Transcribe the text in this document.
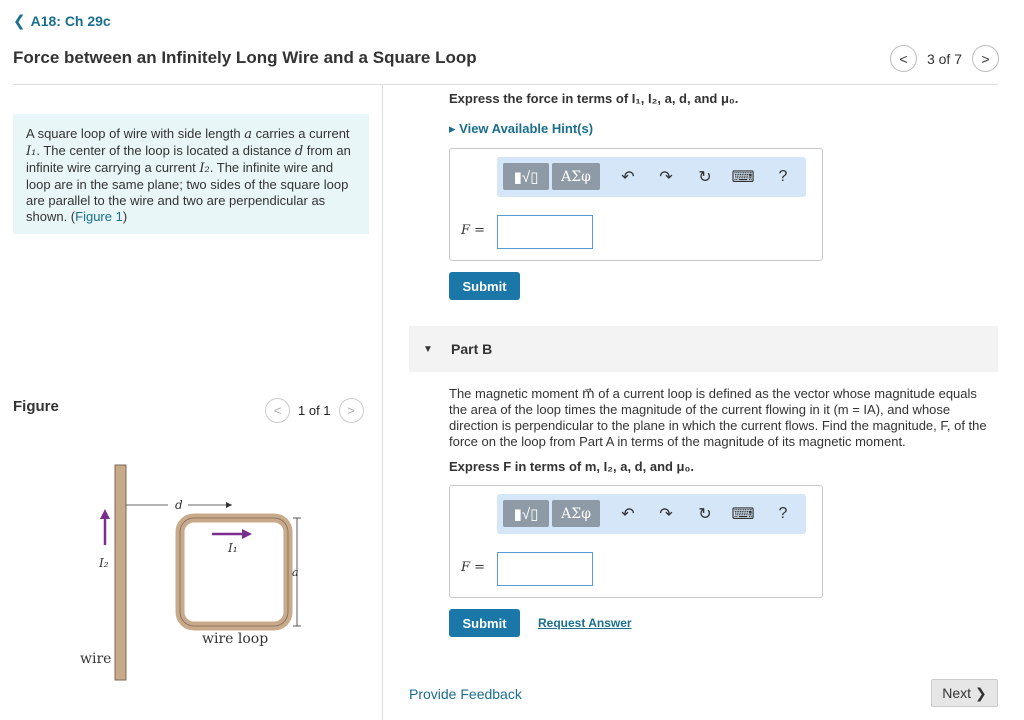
❮ A18: Ch 29c
Force between an Infinitely Long Wire and a Square Loop	< 3 of 7 >
A square loop of wire with side length a carries a current I₁. The center of the loop is located a distance d from an infinite wire carrying a current I₂. The infinite wire and loop are in the same plane; two sides of the square loop are parallel to the wire and two are perpendicular as shown. (Figure 1)
Figure	< 1 of 1 >
I₂
d
I₁
a
wire
wire loop
Express the force in terms of I₁, I₂, a, d, and μ₀.
▸ View Available Hint(s)
▮√▯	ΑΣφ	↶ ↷ ↻ ⌨	?
F =
Submit
▼ Part B
The magnetic moment m⃗ of a current loop is defined as the vector whose magnitude equals the area of the loop times the magnitude of the current flowing in it (m = IA), and whose direction is perpendicular to the plane in which the current flows. Find the magnitude, F, of the force on the loop from Part A in terms of the magnitude of its magnetic moment.
Express F in terms of m, I₂, a, d, and μ₀.
▮√▯	ΑΣφ	↶ ↷ ↻ ⌨	?
F =
Submit	Request Answer
Provide Feedback	Next ❯
